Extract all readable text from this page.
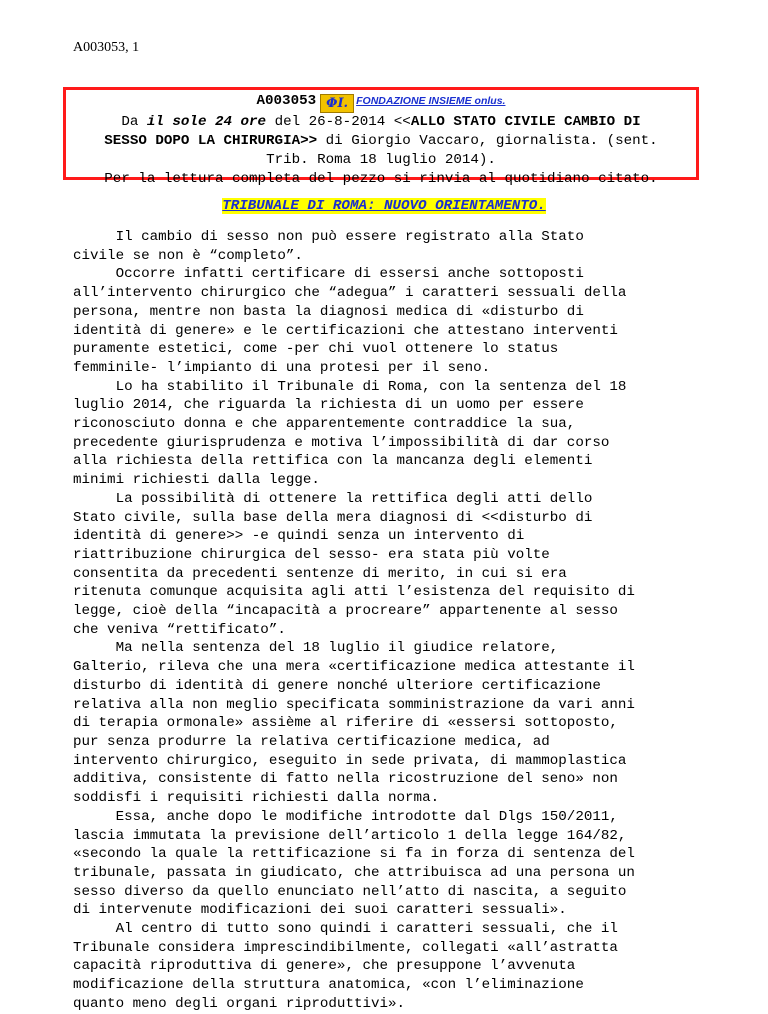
A003053, 1
A003053 ΦI. FONDAZIONE INSIEME onlus.
Da il sole 24 ore del 26-8-2014 <<ALLO STATO CIVILE CAMBIO DI
SESSO DOPO LA CHIRURGIA>> di Giorgio Vaccaro, giornalista. (sent.
Trib. Roma 18 luglio 2014).
Per la lettura completa del pezzo si rinvia al quotidiano citato.
TRIBUNALE DI ROMA: NUOVO ORIENTAMENTO.

Il cambio di sesso non può essere registrato alla Stato

civile se non è “completo”.

Occorre infatti certificare di essersi anche sottoposti

all’intervento chirurgico che “adegua” i caratteri sessuali della

persona, mentre non basta la diagnosi medica di «disturbo di

identità di genere» e le certificazioni che attestano interventi

puramente estetici, come -per chi vuol ottenere lo status

femminile- l’impianto di una protesi per il seno.

Lo ha stabilito il Tribunale di Roma, con la sentenza del 18

luglio 2014, che riguarda la richiesta di un uomo per essere

riconosciuto donna e che apparentemente contraddice la sua,

precedente giurisprudenza e motiva l’impossibilità di dar corso

alla richiesta della rettifica con la mancanza degli elementi

minimi richiesti dalla legge.

La possibilità di ottenere la rettifica degli atti dello

Stato civile, sulla base della mera diagnosi di <<disturbo di

identità di genere>> -e quindi senza un intervento di

riattribuzione chirurgica del sesso- era stata più volte

consentita da precedenti sentenze di merito, in cui si era

ritenuta comunque acquisita agli atti l’esistenza del requisito di

legge, cioè della “incapacità a procreare” appartenente al sesso

che veniva “rettificato”.

Ma nella sentenza del 18 luglio il giudice relatore,

Galterio, rileva che una mera «certificazione medica attestante il

disturbo di identità di genere nonché ulteriore certificazione

relativa alla non meglio specificata somministrazione da vari anni

di terapia ormonale» assième al riferire di «essersi sottoposto,

pur senza produrre la relativa certificazione medica, ad

intervento chirurgico, eseguito in sede privata, di mammoplastica

additiva, consistente di fatto nella ricostruzione del seno» non

soddisfi i requisiti richiesti dalla norma.

Essa, anche dopo le modifiche introdotte dal Dlgs 150/2011,

lascia immutata la previsione dell’articolo 1 della legge 164/82,

«secondo la quale la rettificazione si fa in forza di sentenza del

tribunale, passata in giudicato, che attribuisca ad una persona un

sesso diverso da quello enunciato nell’atto di nascita, a seguito

di intervenute modificazioni dei suoi caratteri sessuali».

Al centro di tutto sono quindi i caratteri sessuali, che il

Tribunale considera imprescindibilmente, collegati «all’astratta

capacità riproduttiva di genere», che presuppone l’avvenuta

modificazione della struttura anatomica, «con l’eliminazione

quanto meno degli organi riproduttivi».
